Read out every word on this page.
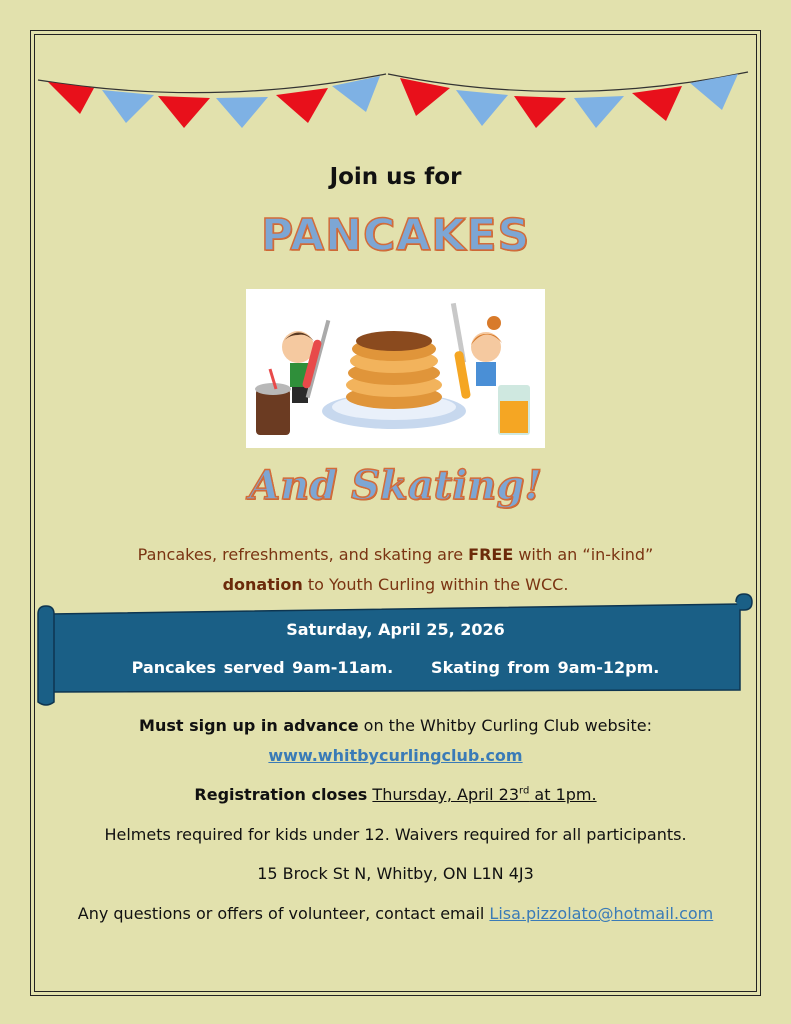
Join us for
PANCAKES
And Skating!
Pancakes, refreshments, and skating are FREE with an “in-kind”
donation to Youth Curling within the WCC.
Saturday, April 25, 2026
Pancakes served 9am-11am. Skating from 9am-12pm.
Must sign up in advance on the Whitby Curling Club website:
www.whitbycurlingclub.com
Registration closes Thursday, April 23rd at 1pm.
Helmets required for kids under 12. Waivers required for all participants.
15 Brock St N, Whitby, ON L1N 4J3
Any questions or offers of volunteer, contact email Lisa.pizzolato@hotmail.com
